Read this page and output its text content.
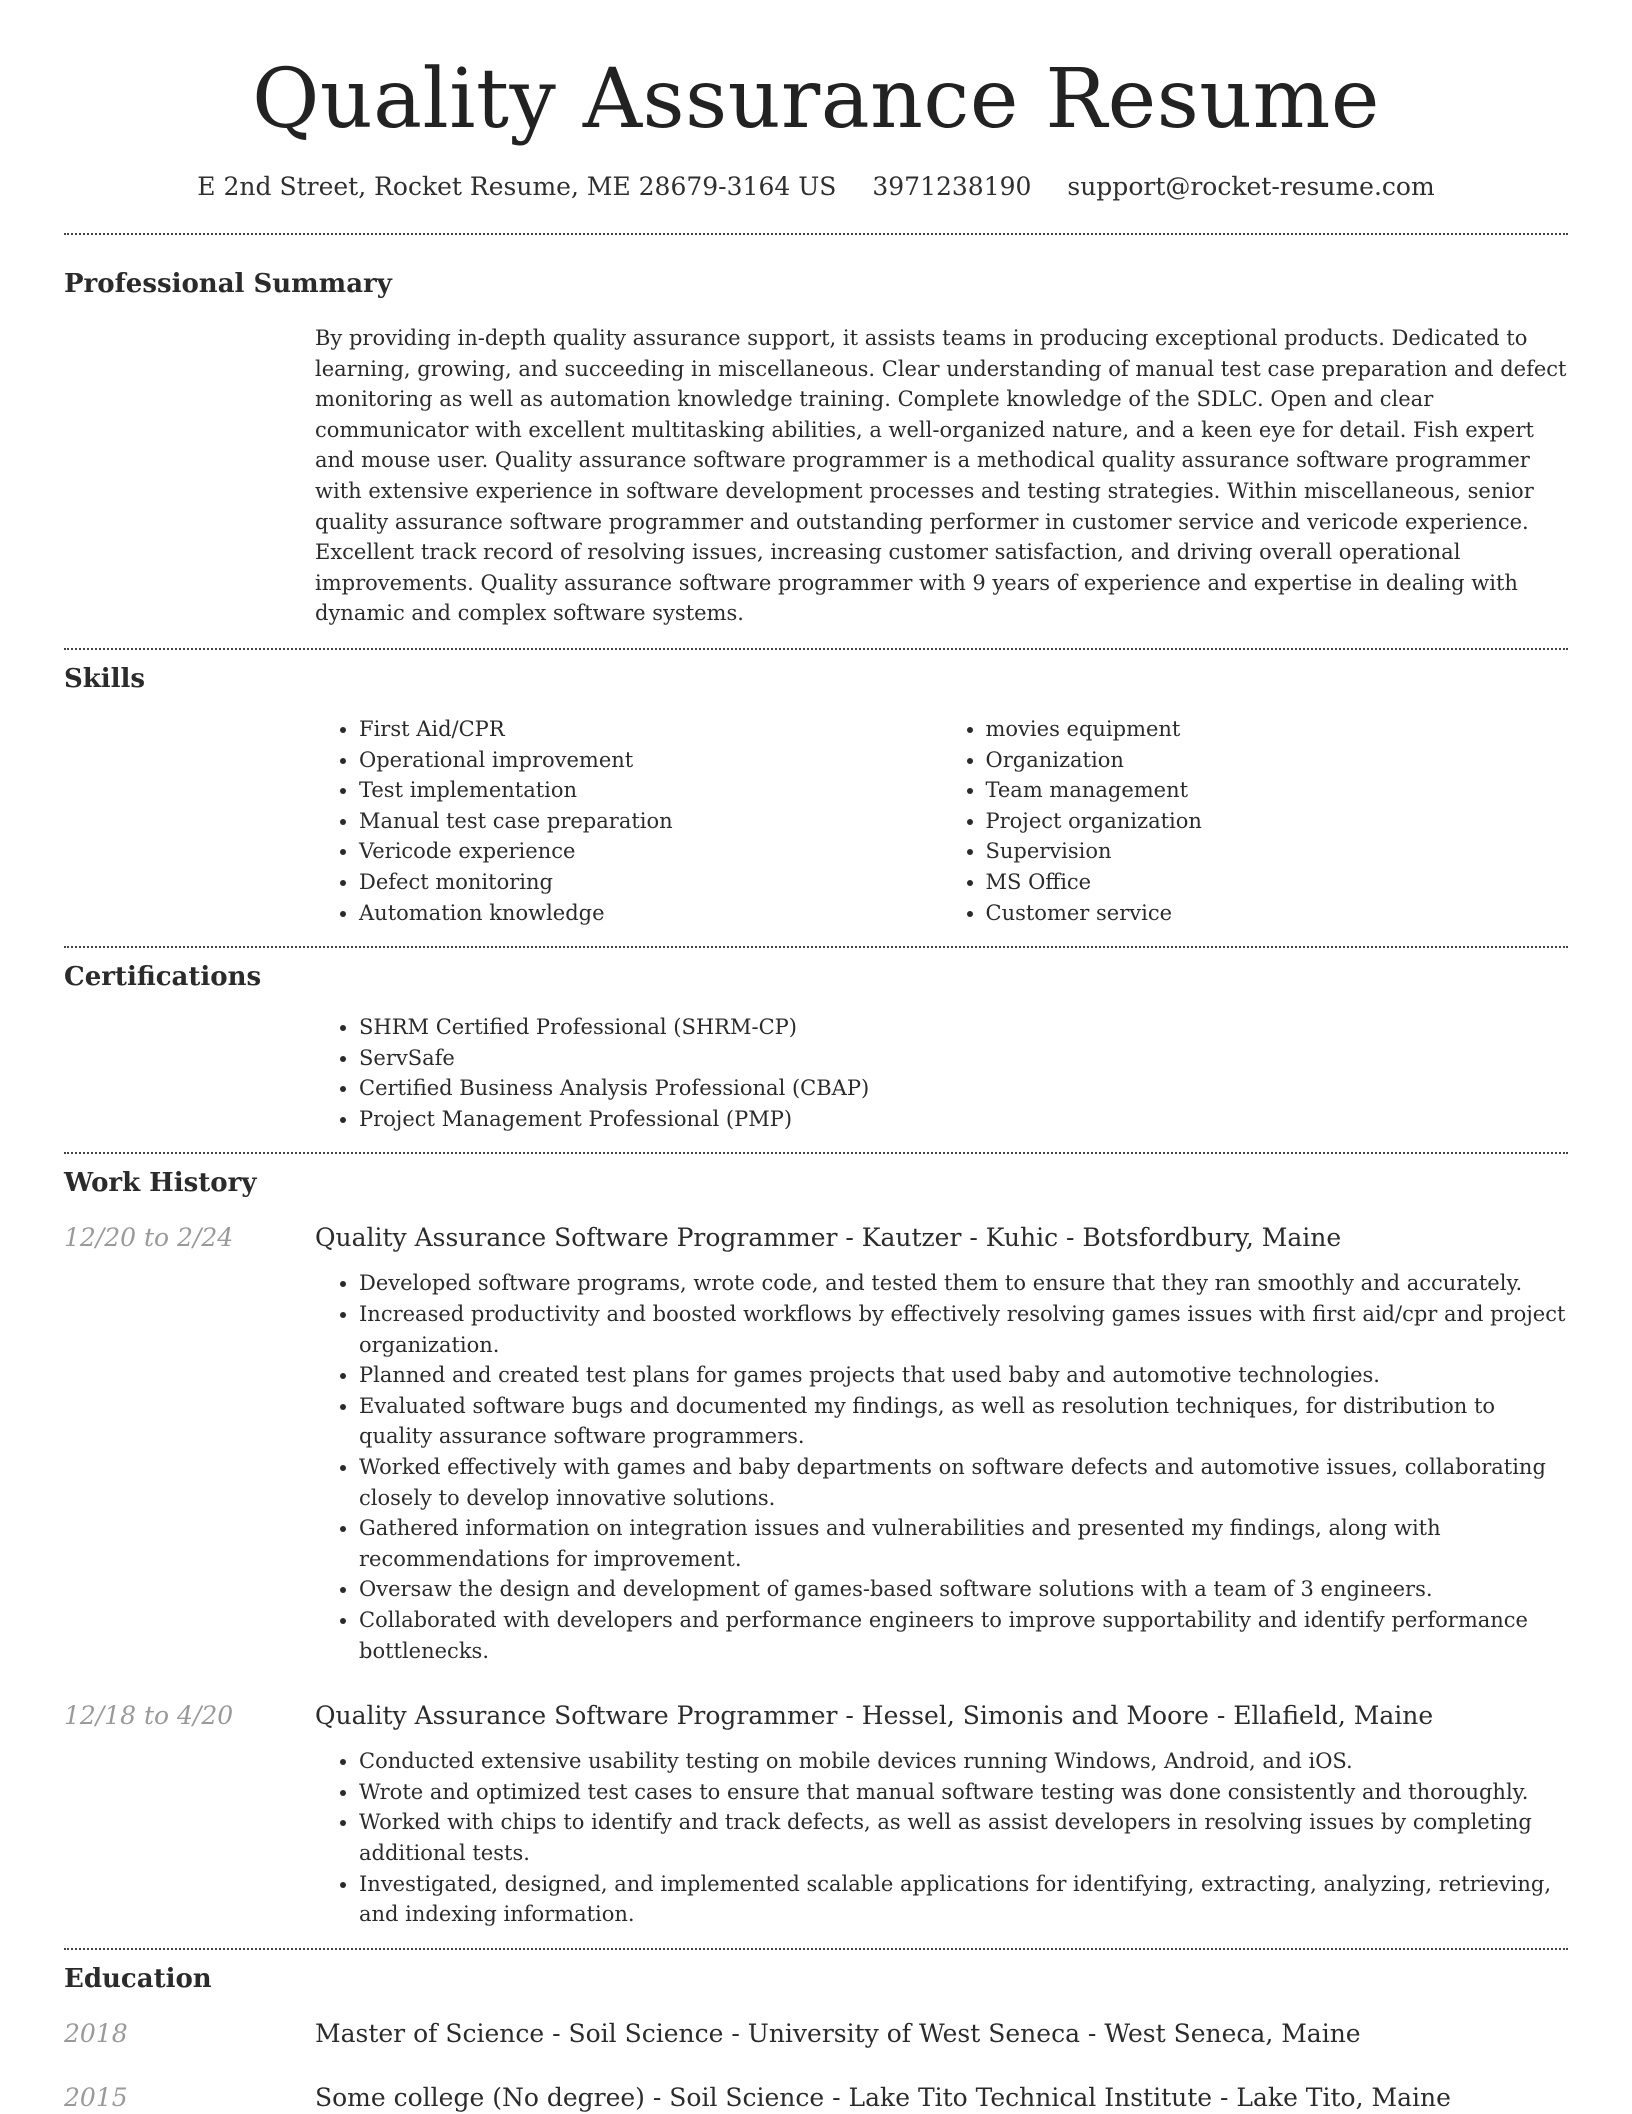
Quality Assurance Resume
E 2nd Street, Rocket Resume, ME 28679-3164 US 3971238190 support@rocket-resume.com
Professional Summary

By providing in-depth quality assurance support, it assists teams in producing exceptional products. Dedicated to learning, growing, and succeeding in miscellaneous. Clear understanding of manual test case preparation and defect monitoring as well as automation knowledge training. Complete knowledge of the SDLC. Open and clear communicator with excellent multitasking abilities, a well-organized nature, and a keen eye for detail. Fish expert and mouse user. Quality assurance software programmer is a methodical quality assurance software programmer with extensive experience in software development processes and testing strategies. Within miscellaneous, senior quality assurance software programmer and outstanding performer in customer service and vericode experience. Excellent track record of resolving issues, increasing customer satisfaction, and driving overall operational improvements. Quality assurance software programmer with 9 years of experience and expertise in dealing with dynamic and complex software systems.

Skills
• First Aid/CPR
• Operational improvement
• Test implementation
• Manual test case preparation
• Vericode experience
• Defect monitoring
• Automation knowledge
• movies equipment
• Organization
• Team management
• Project organization
• Supervision
• MS Office
• Customer service
Certifications
• SHRM Certified Professional (SHRM-CP)
• ServSafe
• Certified Business Analysis Professional (CBAP)
• Project Management Professional (PMP)
Work History
12/20 to 2/24	Quality Assurance Software Programmer - Kautzer - Kuhic - Botsfordbury, Maine

• Developed software programs, wrote code, and tested them to ensure that they ran smoothly and accurately.
• Increased productivity and boosted workflows by effectively resolving games issues with first aid/cpr and project organization.
• Planned and created test plans for games projects that used baby and automotive technologies.
• Evaluated software bugs and documented my findings, as well as resolution techniques, for distribution to quality assurance software programmers.
• Worked effectively with games and baby departments on software defects and automotive issues, collaborating closely to develop innovative solutions.
• Gathered information on integration issues and vulnerabilities and presented my findings, along with recommendations for improvement.
• Oversaw the design and development of games-based software solutions with a team of 3 engineers.
• Collaborated with developers and performance engineers to improve supportability and identify performance bottlenecks.
12/18 to 4/20	Quality Assurance Software Programmer - Hessel, Simonis and Moore - Ellafield, Maine

• Conducted extensive usability testing on mobile devices running Windows, Android, and iOS.
• Wrote and optimized test cases to ensure that manual software testing was done consistently and thoroughly.
• Worked with chips to identify and track defects, as well as assist developers in resolving issues by completing additional tests.
• Investigated, designed, and implemented scalable applications for identifying, extracting, analyzing, retrieving, and indexing information.
Education
2018	Master of Science - Soil Science - University of West Seneca - West Seneca, Maine

2015	Some college (No degree) - Soil Science - Lake Tito Technical Institute - Lake Tito, Maine
